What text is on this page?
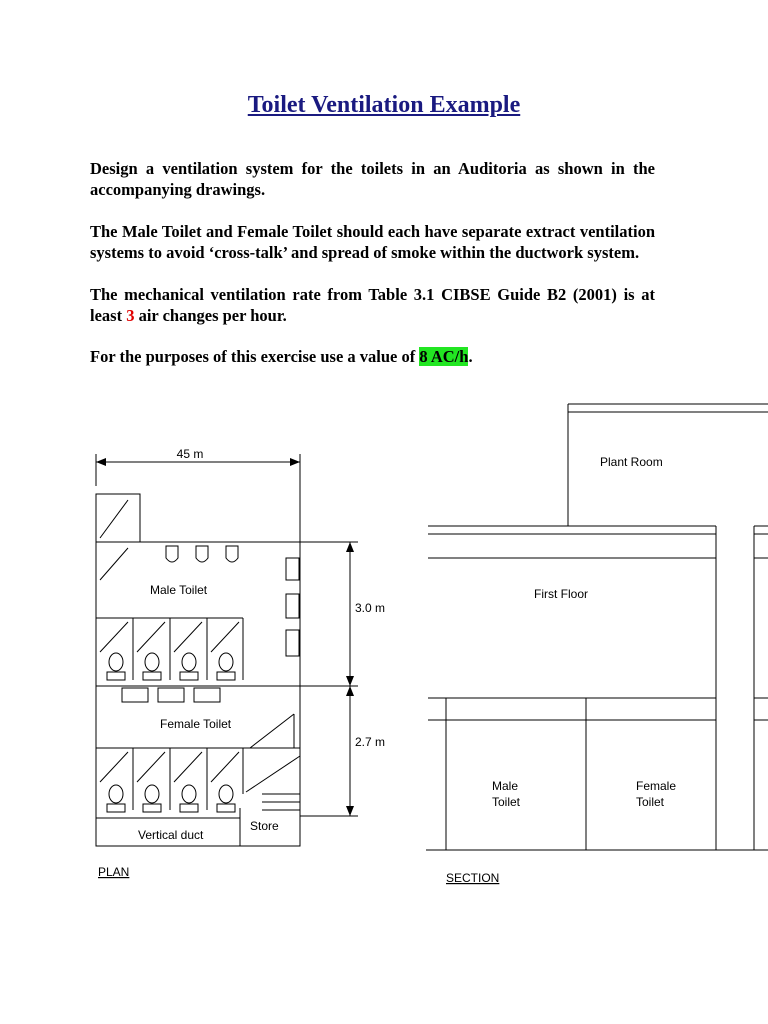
Toilet Ventilation Example
Design a ventilation system for the toilets in an Auditoria as shown in the accompanying drawings.
The Male Toilet and Female Toilet should each have separate extract ventilation systems to avoid ‘cross-talk’ and spread of smoke within the ductwork system.
The mechanical ventilation rate from Table 3.1 CIBSE Guide B2 (2001) is at least 3 air changes per hour.
For the purposes of this exercise use a value of 8 AC/h.
45 m
Male Toilet
Female Toilet
Store
Vertical duct
3.0 m
2.7 m
PLAN
Plant Room
First Floor
Male
Toilet
Female
Toilet
SECTION
